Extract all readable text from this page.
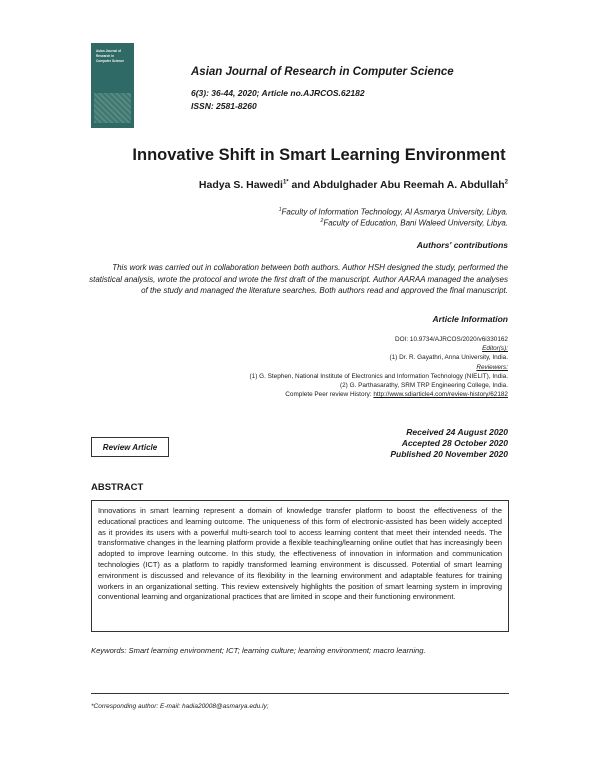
Asian Journal of
Research in
Computer Science
Asian Journal of Research in Computer Science
6(3): 36-44, 2020; Article no.AJRCOS.62182
ISSN: 2581-8260
Innovative Shift in Smart Learning Environment
Hadya S. Hawedi$^{1*}$ and Abdulghader Abu Reemah A. Abdullah$^2$
$^1$Faculty of Information Technology, Al Asmarya University, Libya.
$^2$Faculty of Education, Bani Waleed University, Libya.
Authors' contributions
This work was carried out in collaboration between both authors. Author HSH designed the study, performed the statistical analysis, wrote the protocol and wrote the first draft of the manuscript. Author AARAA managed the analyses of the study and managed the literature searches. Both authors read and approved the final manuscript.
Article Information
DOI: 10.9734/AJRCOS/2020/v6i330162
Editor(s):
(1) Dr. R. Gayathri, Anna University, India.
Reviewers:
(1) G. Stephen, National Institute of Electronics and Information Technology (NIELIT), India.
(2) G. Parthasarathy, SRM TRP Engineering College, India.
Complete Peer review History: http://www.sdiarticle4.com/review-history/62182
Review Article
Received 24 August 2020
Accepted 28 October 2020
Published 20 November 2020
ABSTRACT
Innovations in smart learning represent a domain of knowledge transfer platform to boost the effectiveness of the educational practices and learning outcome. The uniqueness of this form of electronic-assisted has been widely accepted as it provides its users with a powerful multi-search tool to access learning content that meet their intended needs. The transformative changes in the learning platform provide a flexible teaching/learning online outlet that has increasingly been adopted to improve learning outcome. In this study, the effectiveness of innovation in information and communication technologies (ICT) as a platform to rapidly transformed learning environment is discussed. Potential of smart learning environment is discussed and relevance of its flexibility in the learning environment and adaptable features for training workers in an organizational setting. This review extensively highlights the position of smart learning system in improving conventional learning and organizational practices that are limited in scope and their functioning environment.
Keywords: Smart learning environment; ICT; learning culture; learning environment; macro learning.
*Corresponding author: E-mail: hadia20008@asmarya.edu.ly;
